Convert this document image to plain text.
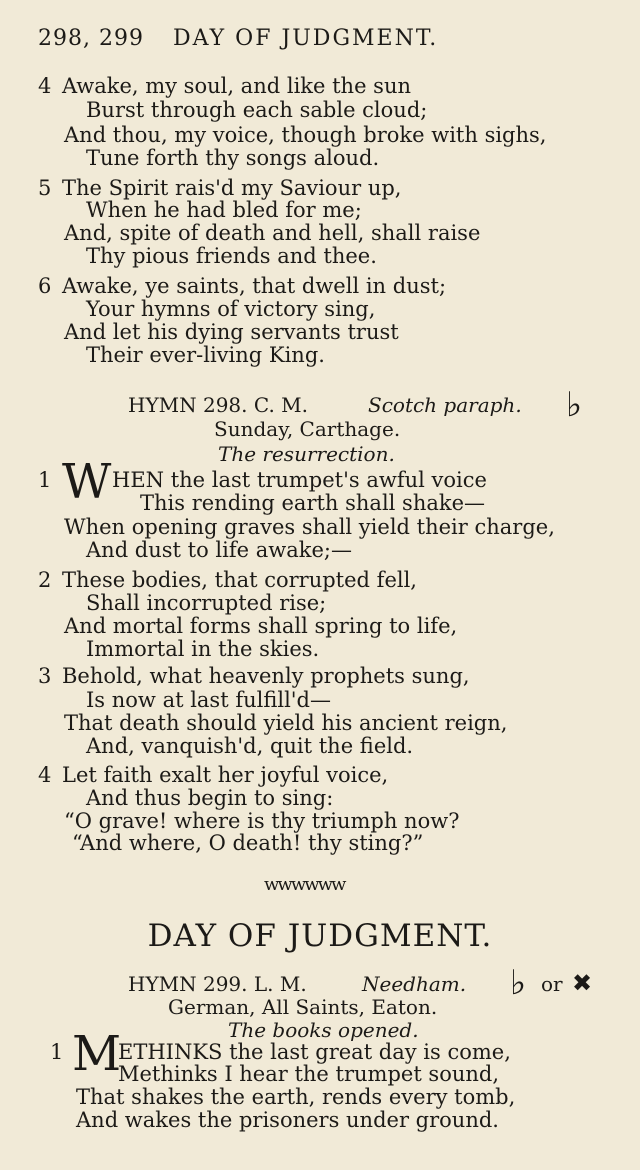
298, 299 DAY OF JUDGMENT.
4 Awake, my soul, and like the sun
Burst through each sable cloud;
And thou, my voice, though broke with sighs,
Tune forth thy songs aloud.
5 The Spirit rais'd my Saviour up,
When he had bled for me;
And, spite of death and hell, shall raise
Thy pious friends and thee.
6 Awake, ye saints, that dwell in dust;
Your hymns of victory sing,
And let his dying servants trust
Their ever-living King.
HYMN 298. C. M.	Scotch paraph. ♭
Sunday, Carthage.
The resurrection.
1 W HEN the last trumpet's awful voice
This rending earth shall shake—
When opening graves shall yield their charge,
And dust to life awake;—
2 These bodies, that corrupted fell,
Shall incorrupted rise;
And mortal forms shall spring to life,
Immortal in the skies.
3 Behold, what heavenly prophets sung,
Is now at last fulfill'd—
That death should yield his ancient reign,
And, vanquish'd, quit the field.
4 Let faith exalt her joyful voice,
And thus begin to sing:
“O grave! where is thy triumph now?
“And where, O death! thy sting?”
wwwwww
DAY OF JUDGMENT.
HYMN 299. L. M.	Needham. ♭ or ✖
German, All Saints, Eaton.
The books opened.
1 M
ETHINKS the last great day is come,
Methinks I hear the trumpet sound,
That shakes the earth, rends every tomb,
And wakes the prisoners under ground.
